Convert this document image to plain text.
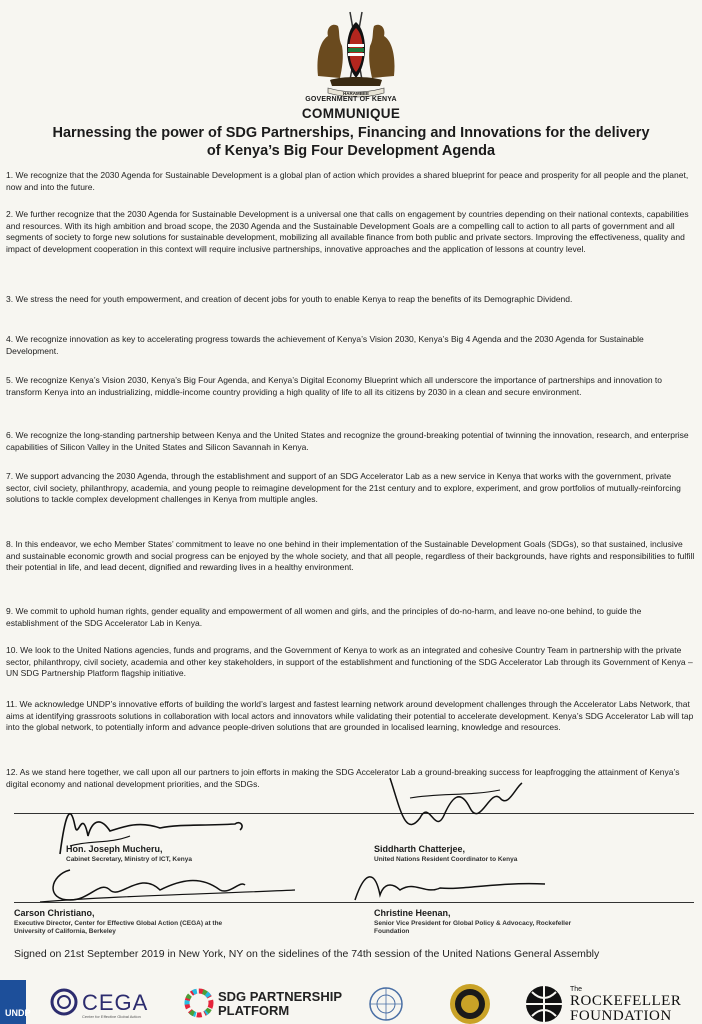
HARAMBEE
GOVERNMENT OF KENYA
COMMUNIQUE
Harnessing the power of SDG Partnerships, Financing and Innovations for the delivery
of Kenya’s Big Four Development Agenda

1. We recognize that the 2030 Agenda for Sustainable Development is a global plan of action which provides a shared blueprint for peace and prosperity for all people and the planet, now and into the future.

2. We further recognize that the 2030 Agenda for Sustainable Development is a universal one that calls on engagement by countries depending on their national contexts, capabilities and resources. With its high ambition and broad scope, the 2030 Agenda and the Sustainable Development Goals are a compelling call to action to all parts of government and all segments of society to forge new solutions for sustainable development, mobilizing all available finance from both public and private sectors. Improving the effectiveness, quality and impact of development cooperation in this context will require inclusive partnerships, innovative approaches and the application of lessons at country level.

3. We stress the need for youth empowerment, and creation of decent jobs for youth to enable Kenya to reap the benefits of its Demographic Dividend.

4. We recognize innovation as key to accelerating progress towards the achievement of Kenya’s Vision 2030, Kenya’s Big 4 Agenda and the 2030 Agenda for Sustainable Development.

5. We recognize Kenya’s Vision 2030, Kenya’s Big Four Agenda, and Kenya’s Digital Economy Blueprint which all underscore the importance of partnerships and innovation to transform Kenya into an industrializing, middle-income country providing a high quality of life to all its citizens by 2030 in a clean and secure environment.

6. We recognize the long-standing partnership between Kenya and the United States and recognize the ground-breaking potential of twinning the innovation, research, and enterprise capabilities of Silicon Valley in the United States and Silicon Savannah in Kenya.

7. We support advancing the 2030 Agenda, through the establishment and support of an SDG Accelerator Lab as a new service in Kenya that works with the government, private sector, civil society, philanthropy, academia, and young people to reimagine development for the 21st century and to explore, experiment, and grow portfolios of mutually-reinforcing solutions to tackle complex development challenges in Kenya from multiple angles.

8. In this endeavor, we echo Member States’ commitment to leave no one behind in their implementation of the Sustainable Development Goals (SDGs), so that sustained, inclusive and sustainable economic growth and social progress can be enjoyed by the whole society, and that all people, regardless of their backgrounds, have rights and responsibilities to fulfill their potential in life, and lead decent, dignified and rewarding lives in a healthy environment.

9. We commit to uphold human rights, gender equality and empowerment of all women and girls, and the principles of do-no-harm, and leave no-one behind, to guide the establishment of the SDG Accelerator Lab in Kenya.

10. We look to the United Nations agencies, funds and programs, and the Government of Kenya to work as an integrated and cohesive Country Team in partnership with the private sector, philanthropy, civil society, academia and other key stakeholders, in support of the establishment and functioning of the SDG Accelerator Lab through its Government of Kenya – UN SDG Partnership Platform flagship initiative.

11. We acknowledge UNDP’s innovative efforts of building the world’s largest and fastest learning network around development challenges through the Accelerator Labs Network, that aims at identifying grassroots solutions in collaboration with local actors and innovators while validating their potential to accelerate development. Kenya’s SDG Accelerator Lab will tap into the global network, to potentially inform and advance people-driven solutions that are grounded in localised learning, knowledge and resources.

12. As we stand here together, we call upon all our partners to join efforts in making the SDG Accelerator Lab a ground-breaking success for leapfrogging the attainment of Kenya’s digital economy and national development priorities, and the SDGs.

Hon. Joseph Mucheru,
Cabinet Secretary, Ministry of ICT, Kenya
Siddharth Chatterjee,
United Nations Resident Coordinator to Kenya
Carson Christiano,
Executive Director, Center for Effective Global Action (CEGA) at the University of California, Berkeley
Christine Heenan,
Senior Vice President for Global Policy & Advocacy, Rockefeller Foundation
Signed on 21st September 2019 in New York, NY on the sidelines of the 74th session of the United Nations General Assembly
UNDP CEGA
Center for Effective Global Action
SDG PARTNERSHIP
PLATFORM
The
ROCKEFELLER
FOUNDATION
